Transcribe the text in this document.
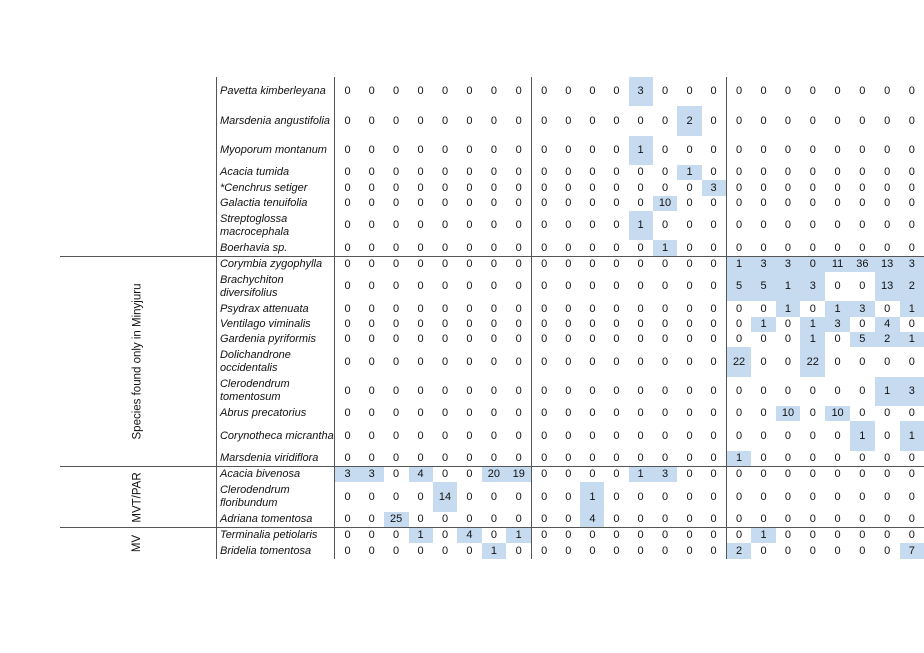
	Pavetta kimberleyana	0	0	0	0	0	0	0	0	0	0	0	0	3	0	0	0	0	0	0	0	0	0	0	0
	Marsdenia angustifolia	0	0	0	0	0	0	0	0	0	0	0	0	0	0	2	0	0	0	0	0	0	0	0	0
	Myoporum montanum	0	0	0	0	0	0	0	0	0	0	0	0	1	0	0	0	0	0	0	0	0	0	0	0
	Acacia tumida	0	0	0	0	0	0	0	0	0	0	0	0	0	0	1	0	0	0	0	0	0	0	0	0
	*Cenchrus setiger	0	0	0	0	0	0	0	0	0	0	0	0	0	0	0	3	0	0	0	0	0	0	0	0
	Galactia tenuifolia	0	0	0	0	0	0	0	0	0	0	0	0	0	10	0	0	0	0	0	0	0	0	0	0
	Streptoglossa macrocephala	0	0	0	0	0	0	0	0	0	0	0	0	1	0	0	0	0	0	0	0	0	0	0	0
	Boerhavia sp.	0	0	0	0	0	0	0	0	0	0	0	0	0	1	0	0	0	0	0	0	0	0	0	0
Species found only in Minyjuru	Corymbia zygophylla	0	0	0	0	0	0	0	0	0	0	0	0	0	0	0	0	1	3	3	0	11	36	13	3
	Brachychiton diversifolius	0	0	0	0	0	0	0	0	0	0	0	0	0	0	0	0	5	5	1	3	0	0	13	2
	Psydrax attenuata	0	0	0	0	0	0	0	0	0	0	0	0	0	0	0	0	0	0	1	0	1	3	0	1
	Ventilago viminalis	0	0	0	0	0	0	0	0	0	0	0	0	0	0	0	0	0	1	0	1	3	0	4	0
	Gardenia pyriformis	0	0	0	0	0	0	0	0	0	0	0	0	0	0	0	0	0	0	0	1	0	5	2	1
	Dolichandrone occidentalis	0	0	0	0	0	0	0	0	0	0	0	0	0	0	0	0	22	0	0	22	0	0	0	0
	Clerodendrum tomentosum	0	0	0	0	0	0	0	0	0	0	0	0	0	0	0	0	0	0	0	0	0	0	1	3
	Abrus precatorius	0	0	0	0	0	0	0	0	0	0	0	0	0	0	0	0	0	0	10	0	10	0	0	0
	Corynotheca micrantha	0	0	0	0	0	0	0	0	0	0	0	0	0	0	0	0	0	0	0	0	0	1	0	1
	Marsdenia viridiflora	0	0	0	0	0	0	0	0	0	0	0	0	0	0	0	0	1	0	0	0	0	0	0	0
MVT/PAR	Acacia bivenosa	3	3	0	4	0	0	20	19	0	0	0	0	1	3	0	0	0	0	0	0	0	0	0	0
	Clerodendrum floribundum	0	0	0	0	14	0	0	0	0	0	1	0	0	0	0	0	0	0	0	0	0	0	0	0
	Adriana tomentosa	0	0	25	0	0	0	0	0	0	0	4	0	0	0	0	0	0	0	0	0	0	0	0	0
MV	Terminalia petiolaris	0	0	0	1	0	4	0	1	0	0	0	0	0	0	0	0	0	1	0	0	0	0	0	0
	Bridelia tomentosa	0	0	0	0	0	0	1	0	0	0	0	0	0	0	0	0	2	0	0	0	0	0	0	7
